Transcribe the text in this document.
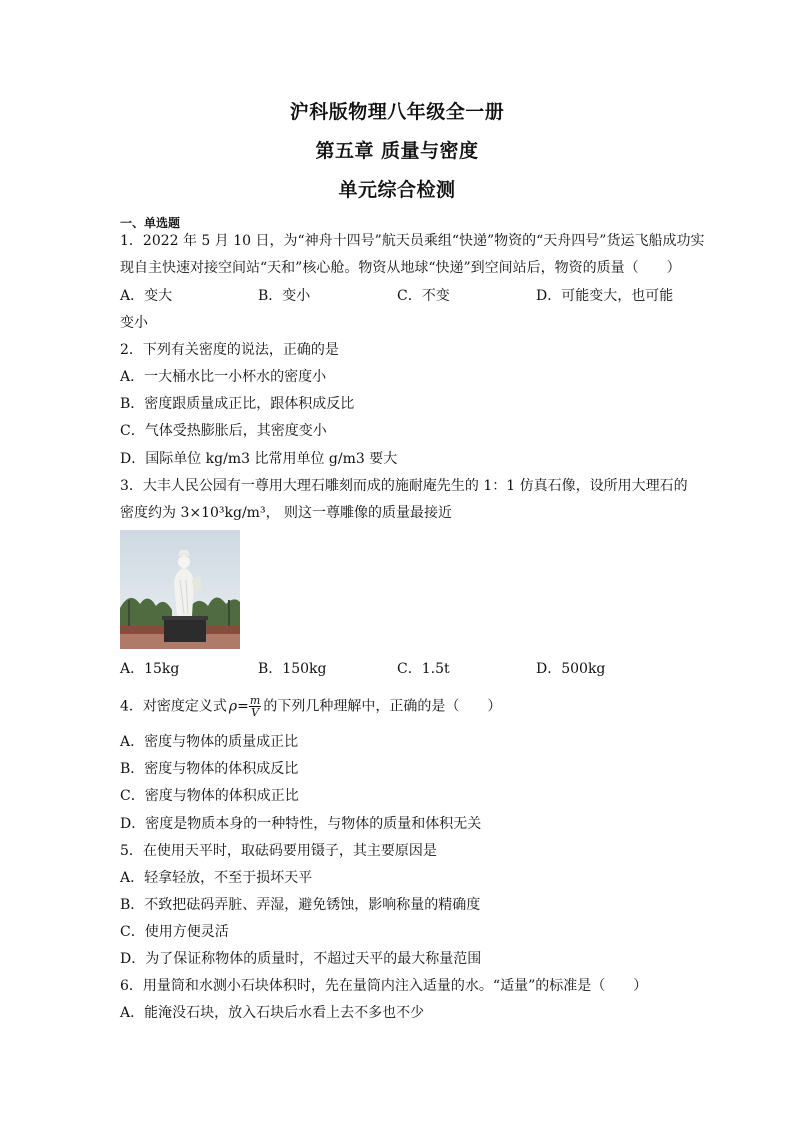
沪科版物理八年级全一册
第五章 质量与密度
单元综合检测
一、单选题
1．2022 年 5 月 10 日，为“神舟十四号”航天员乘组“快递”物资的“天舟四号”货运飞船成功实
现自主快速对接空间站“天和”核心舱。物资从地球“快递”到空间站后，物资的质量（　　）
A．变大	B．变小	C．不变	D．可能变大，也可能
变小
2．下列有关密度的说法，正确的是
A．一大桶水比一小杯水的密度小
B．密度跟质量成正比，跟体积成反比
C．气体受热膨胀后，其密度变小
D．国际单位 kg/m3 比常用单位 g/m3 要大
3．大丰人民公园有一尊用大理石雕刻而成的施耐庵先生的 1：1 仿真石像，设所用大理石的
密度约为 3×10³kg/m³， 则这一尊雕像的质量最接近
A．15kg	B．150kg	C．1.5t	D．500kg
4．对密度定义式 $\rho= \frac{m}{V}$ 的下列几种理解中，正确的是（　　）
A．密度与物体的质量成正比
B．密度与物体的体积成反比
C．密度与物体的体积成正比
D．密度是物质本身的一种特性，与物体的质量和体积无关
5．在使用天平时，取砝码要用镊子，其主要原因是
A．轻拿轻放，不至于损坏天平
B．不致把砝码弄脏、弄湿，避免锈蚀，影响称量的精确度
C．使用方便灵活
D．为了保证称物体的质量时，不超过天平的最大称量范围
6．用量筒和水测小石块体积时，先在量筒内注入适量的水。“适量”的标准是（　　）
A．能淹没石块，放入石块后水看上去不多也不少
